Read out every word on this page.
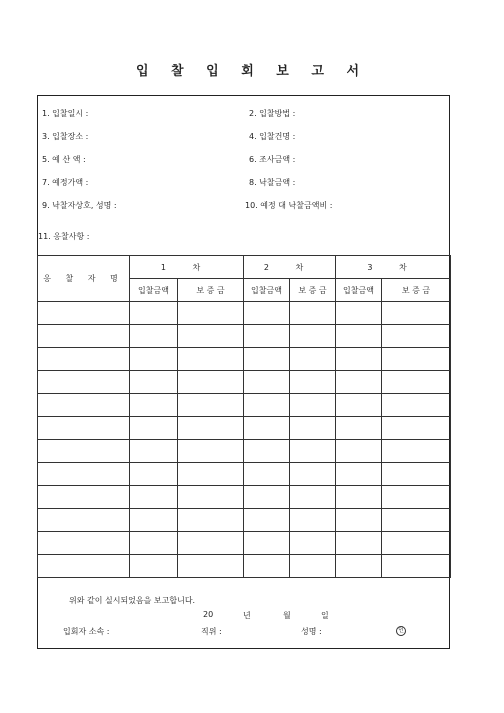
입 찰 입 회 보 고 서
1. 입찰일시 :	2. 입찰방법 :
3. 입찰장소 :	4. 입찰건명 :
5. 예 산 액 :	6. 조사금액 :
7. 예정가액 :	8. 낙찰금액 :
9. 낙찰자상호, 성명 :	10. 예정 대 낙찰금액비 :
11. 응찰사항 :
응 찰 자 명	1 차		2 차		3 차	
	입찰금액	보 증 금	입찰금액	보 증 금	입찰금액	보 증 금

위와 같이 실시되었음을 보고합니다.
20	년	월	일
입회자 소속 :	직위 :	성명 :	인
